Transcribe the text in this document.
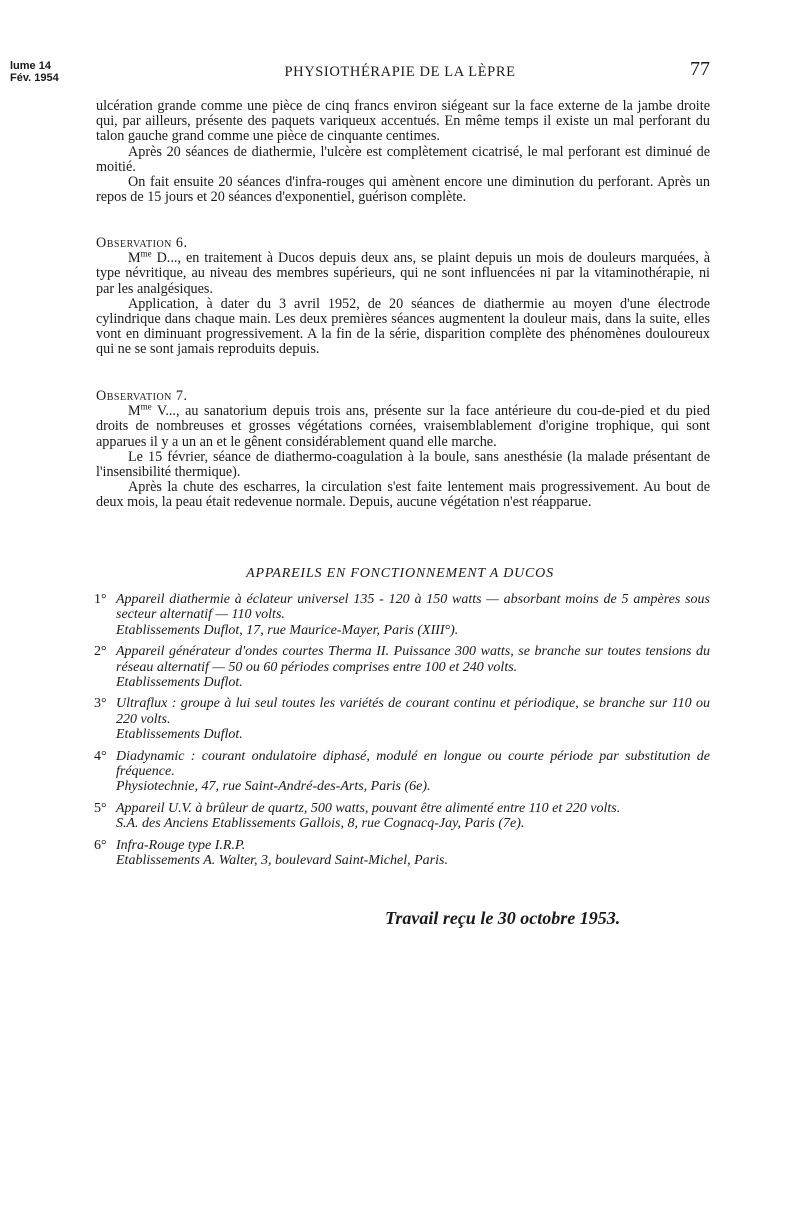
lume 14
Fév. 1954	PHYSIOTHÉRAPIE DE LA LÈPRE	77

ulcération grande comme une pièce de cinq francs environ siégeant sur la face externe de la jambe droite qui, par ailleurs, présente des paquets variqueux accentués. En même temps il existe un mal perforant du talon gauche grand comme une pièce de cinquante centimes.

Après 20 séances de diathermie, l'ulcère est complètement cicatrisé, le mal perforant est diminué de moitié.

On fait ensuite 20 séances d'infra-rouges qui amènent encore une diminution du perforant. Après un repos de 15 jours et 20 séances d'exponentiel, guérison complète.

Observation 6.

$M^{me}$ D..., en traitement à Ducos depuis deux ans, se plaint depuis un mois de douleurs marquées, à type névritique, au niveau des membres supérieurs, qui ne sont influencées ni par la vitaminothérapie, ni par les analgésiques.

Application, à dater du 3 avril 1952, de 20 séances de diathermie au moyen d'une électrode cylindrique dans chaque main. Les deux premières séances augmentent la douleur mais, dans la suite, elles vont en diminuant progressivement. A la fin de la série, disparition complète des phénomènes douloureux qui ne se sont jamais reproduits depuis.

Observation 7.

$M^{me}$ V..., au sanatorium depuis trois ans, présente sur la face antérieure du cou-de-pied et du pied droits de nombreuses et grosses végétations cornées, vraisemblablement d'origine trophique, qui sont apparues il y a un an et le gênent considérablement quand elle marche.

Le 15 février, séance de diathermo-coagulation à la boule, sans anesthésie (la malade présentant de l'insensibilité thermique).

Après la chute des escharres, la circulation s'est faite lentement mais progressivement. Au bout de deux mois, la peau était redevenue normale. Depuis, aucune végétation n'est réapparue.

APPAREILS EN FONCTIONNEMENT A DUCOS
1° Appareil diathermie à éclateur universel 135 - 120 à 150 watts — absorbant moins de 5 ampères sous secteur alternatif — 110 volts.
Etablissements Duflot, 17, rue Maurice-Mayer, Paris (XIII°).
2° Appareil générateur d'ondes courtes Therma II. Puissance 300 watts, se branche sur toutes tensions du réseau alternatif — 50 ou 60 périodes comprises entre 100 et 240 volts.
Etablissements Duflot.
3° Ultraflux : groupe à lui seul toutes les variétés de courant continu et périodique, se branche sur 110 ou 220 volts.
Etablissements Duflot.
4° Diadynamic : courant ondulatoire diphasé, modulé en longue ou courte période par substitution de fréquence.
Physiotechnie, 47, rue Saint-André-des-Arts, Paris (6e).
5° Appareil U.V. à brûleur de quartz, 500 watts, pouvant être alimenté entre 110 et 220 volts.
S.A. des Anciens Etablissements Gallois, 8, rue Cognacq-Jay, Paris (7e).
6° Infra-Rouge type I.R.P.
Etablissements A. Walter, 3, boulevard Saint-Michel, Paris.
Travail reçu le 30 octobre 1953.
